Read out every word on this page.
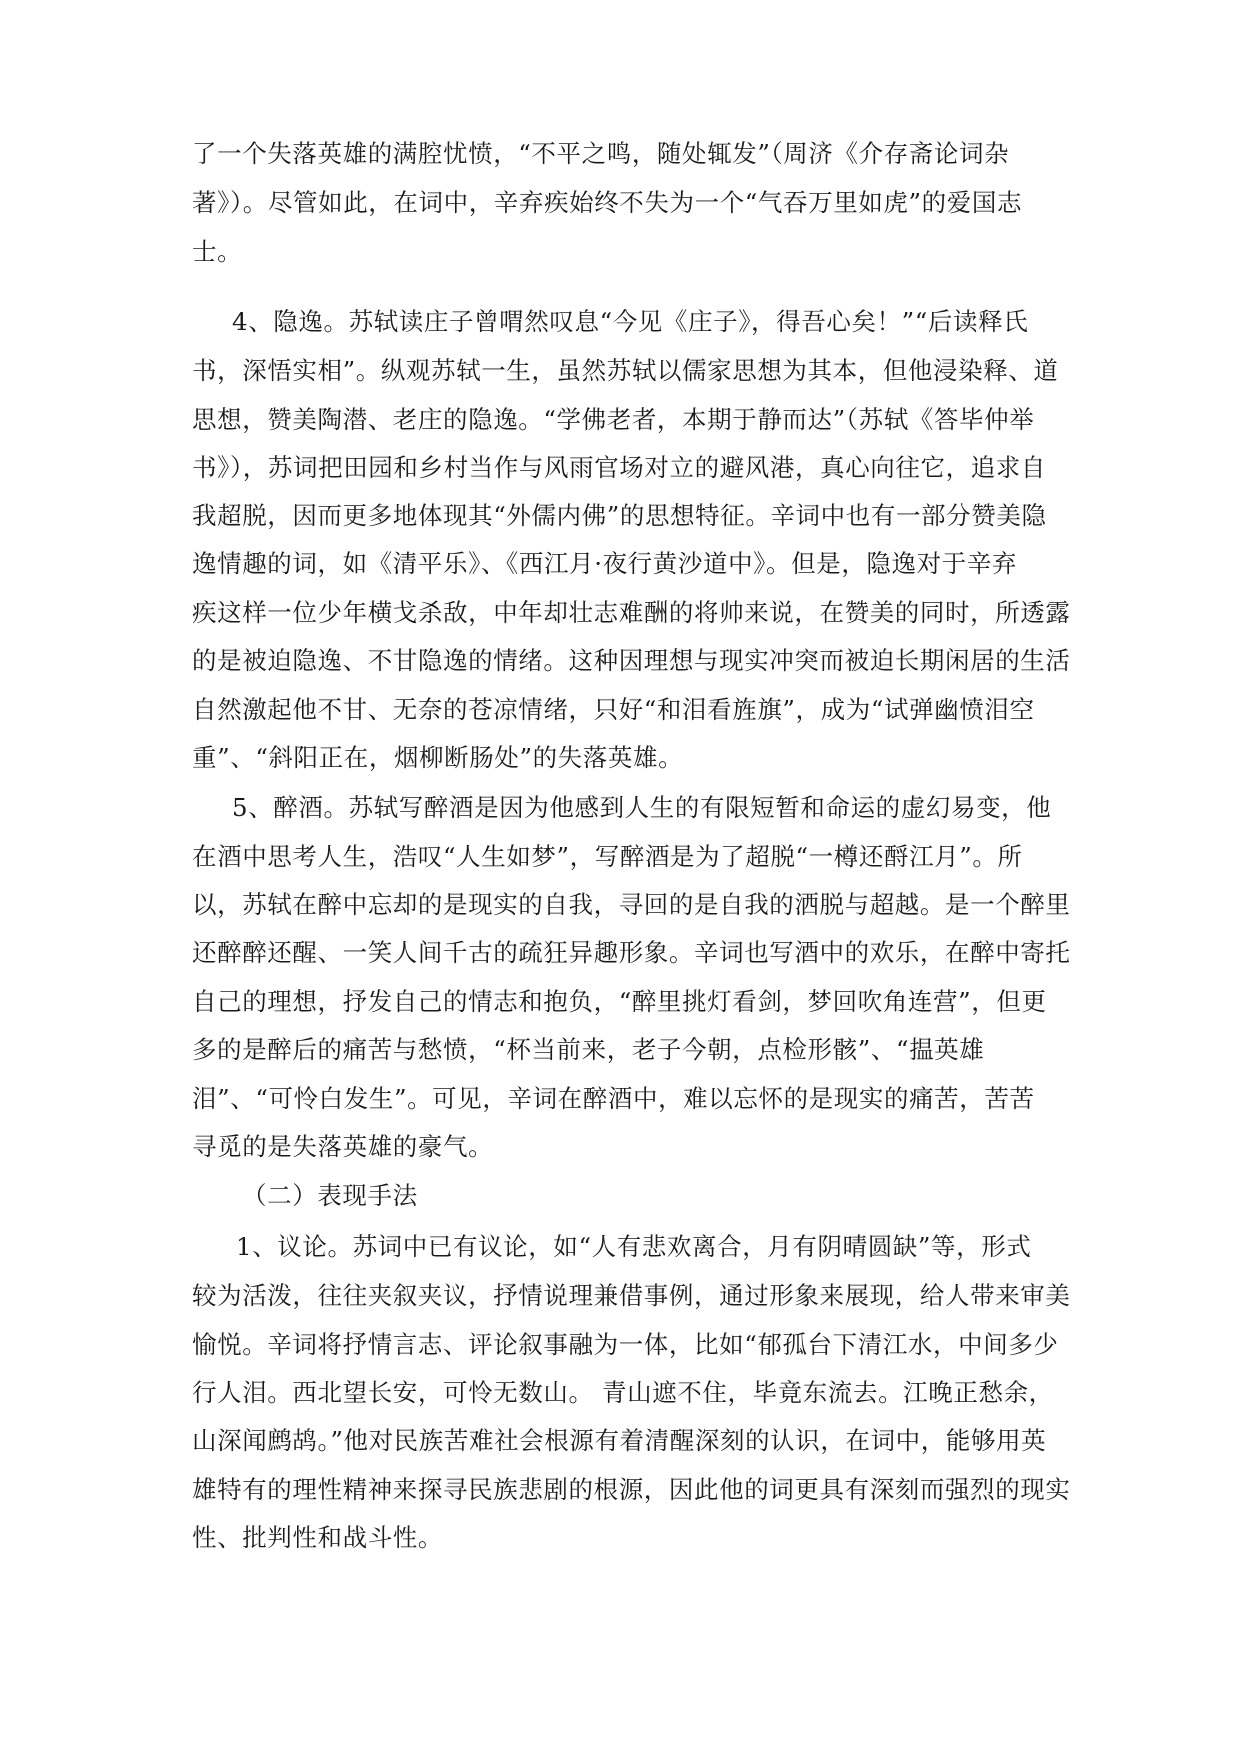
了一个失落英雄的满腔忧愤，“不平之鸣，随处辄发”（周济《介存斋论词杂
著》）。尽管如此，在词中，辛弃疾始终不失为一个“气吞万里如虎”的爱国志
士。
4、隐逸。苏轼读庄子曾喟然叹息“今见《庄子》，得吾心矣！”“后读释氏
书，深悟实相”。纵观苏轼一生，虽然苏轼以儒家思想为其本，但他浸染释、道
思想，赞美陶潜、老庄的隐逸。“学佛老者，本期于静而达”（苏轼《答毕仲举
书》），苏词把田园和乡村当作与风雨官场对立的避风港，真心向往它，追求自
我超脱，因而更多地体现其“外儒内佛”的思想特征。辛词中也有一部分赞美隐
逸情趣的词，如《清平乐》、《西江月·夜行黄沙道中》。但是，隐逸对于辛弃
疾这样一位少年横戈杀敌，中年却壮志难酬的将帅来说，在赞美的同时，所透露
的是被迫隐逸、不甘隐逸的情绪。这种因理想与现实冲突而被迫长期闲居的生活
自然激起他不甘、无奈的苍凉情绪，只好“和泪看旌旗”，成为“试弹幽愤泪空
重”、“斜阳正在，烟柳断肠处”的失落英雄。
5、醉酒。苏轼写醉酒是因为他感到人生的有限短暂和命运的虚幻易变，他
在酒中思考人生，浩叹“人生如梦”，写醉酒是为了超脱“一樽还酹江月”。所
以，苏轼在醉中忘却的是现实的自我，寻回的是自我的洒脱与超越。是一个醉里
还醉醉还醒、一笑人间千古的疏狂异趣形象。辛词也写酒中的欢乐，在醉中寄托
自己的理想，抒发自己的情志和抱负，“醉里挑灯看剑，梦回吹角连营”，但更
多的是醉后的痛苦与愁愤，“杯当前来，老子今朝，点检形骸”、“揾英雄
泪”、“可怜白发生”。可见，辛词在醉酒中，难以忘怀的是现实的痛苦，苦苦
寻觅的是失落英雄的豪气。
（二）表现手法
1、议论。苏词中已有议论，如“人有悲欢离合，月有阴晴圆缺”等，形式
较为活泼，往往夹叙夹议，抒情说理兼借事例，通过形象来展现，给人带来审美
愉悦。辛词将抒情言志、评论叙事融为一体，比如“郁孤台下清江水，中间多少
行人泪。西北望长安，可怜无数山。 青山遮不住，毕竟东流去。江晚正愁余，
山深闻鹧鸪。”他对民族苦难社会根源有着清醒深刻的认识，在词中，能够用英
雄特有的理性精神来探寻民族悲剧的根源，因此他的词更具有深刻而强烈的现实
性、批判性和战斗性。
